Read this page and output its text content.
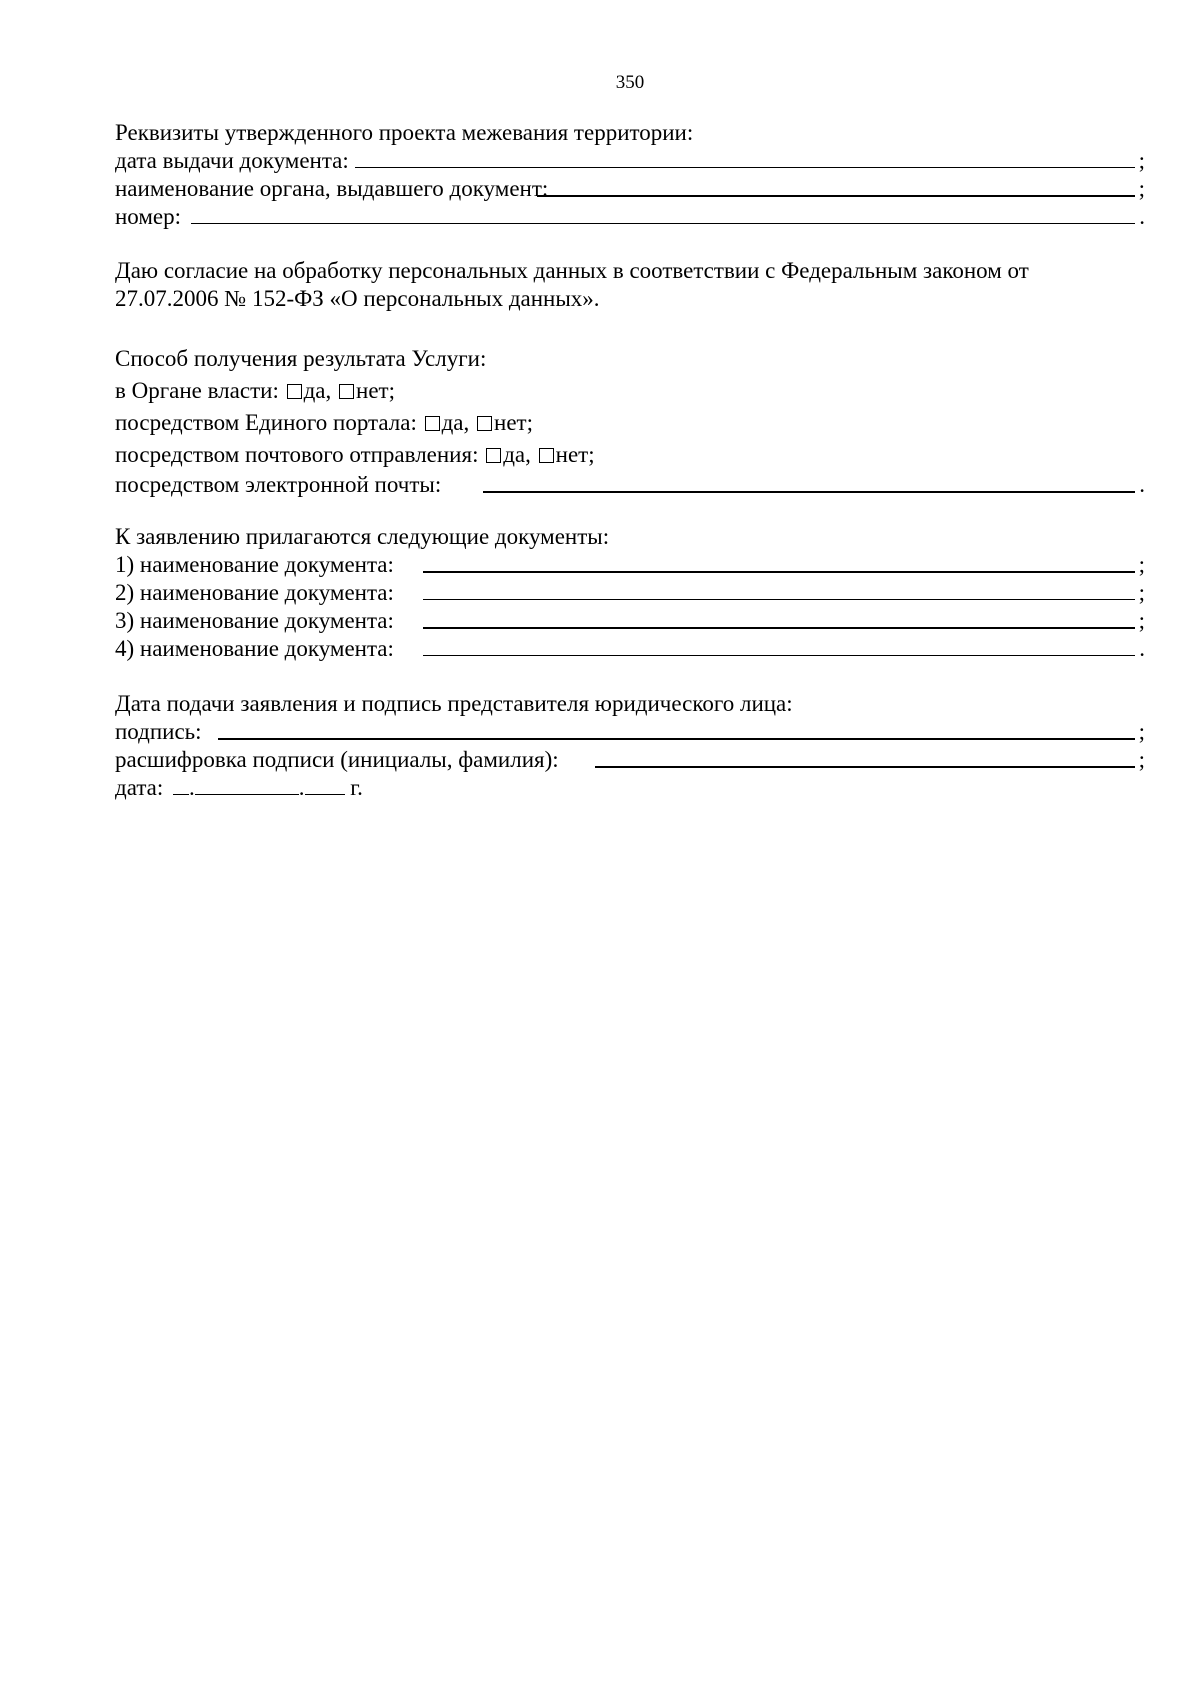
350
Реквизиты утвержденного проекта межевания территории:
дата выдачи документа:	;
наименование органа, выдавшего документ:	;
номер:	.
Даю согласие на обработку персональных данных в соответствии с Федеральным законом от
27.07.2006 № 152-ФЗ «О персональных данных».
Способ получения результата Услуги:
в Органе власти: да, нет;
посредством Единого портала: да, нет;
посредством почтового отправления: да, нет;
посредством электронной почты:	.
К заявлению прилагаются следующие документы:
1) наименование документа:	;
2) наименование документа:	;
3) наименование документа:	;
4) наименование документа:	.
Дата подачи заявления и подпись представителя юридического лица:
подпись:	;
расшифровка подписи (инициалы, фамилия):	;
дата: .	. г.
